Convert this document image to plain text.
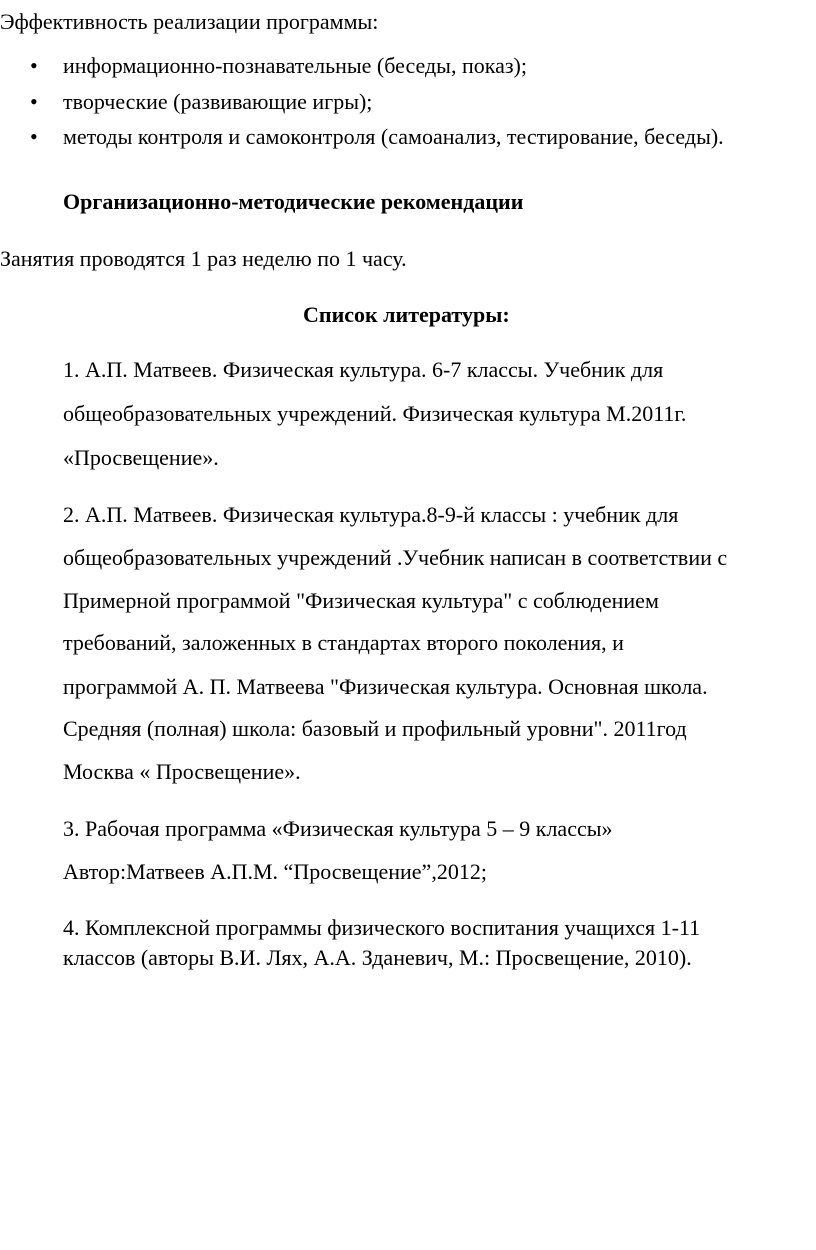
Эффективность реализации программы:
• информационно-познавательные (беседы, показ);
• творческие (развивающие игры);
• методы контроля и самоконтроля (самоанализ, тестирование, беседы).
Организационно-методические рекомендации
Занятия проводятся 1 раз неделю по 1 часу.
Список литературы:
1. А.П. Матвеев. Физическая культура. 6-7 классы. Учебник для
общеобразовательных учреждений. Физическая культура М.2011г.
«Просвещение».
2. А.П. Матвеев. Физическая культура.8-9-й классы : учебник для
общеобразовательных учреждений .Учебник написан в соответствии с
Примерной программой "Физическая культура" с соблюдением
требований, заложенных в стандартах второго поколения, и
программой А. П. Матвеева "Физическая культура. Основная школа.
Средняя (полная) школа: базовый и профильный уровни". 2011год
Москва « Просвещение».
3. Рабочая программа «Физическая культура 5 – 9 классы»
Автор:Матвеев А.П.М. “Просвещение”,2012;
4. Комплексной программы физического воспитания учащихся 1-11
классов (авторы В.И. Лях, А.А. Зданевич, М.: Просвещение, 2010).
